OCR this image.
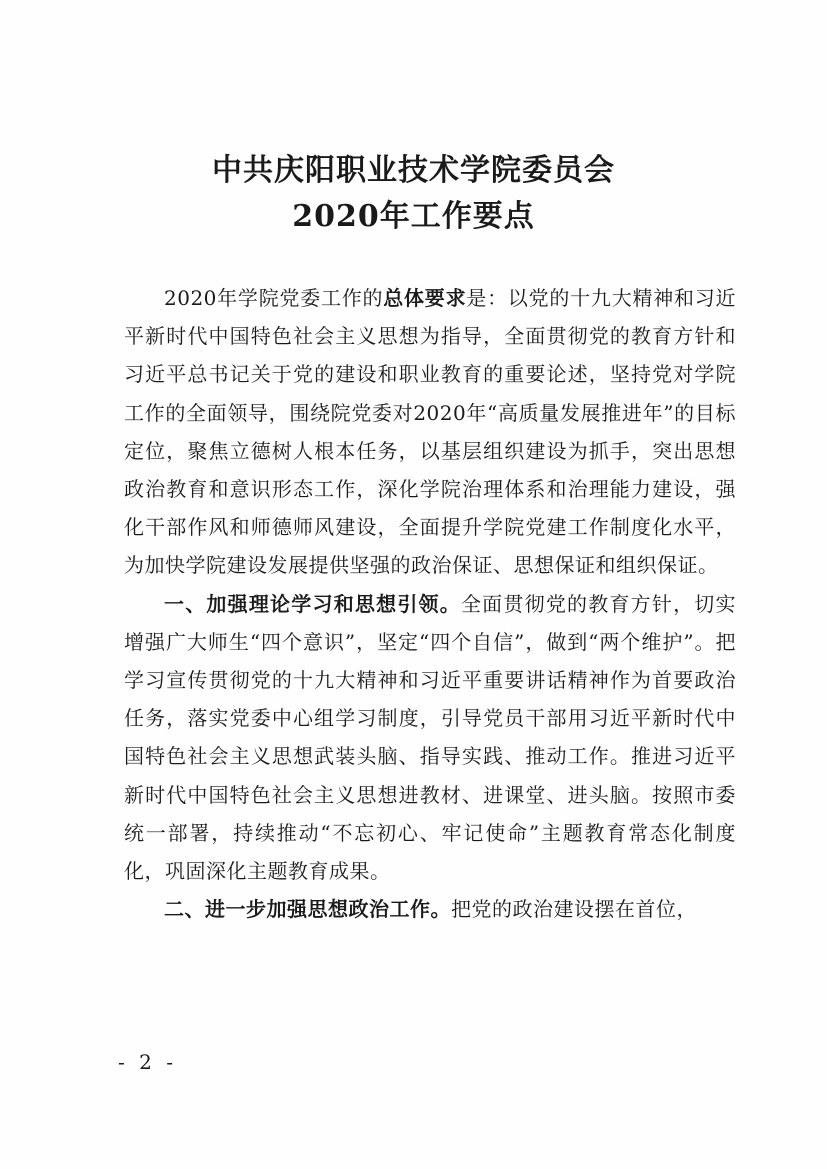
中共庆阳职业技术学院委员会
2020年工作要点

2020年学院党委工作的总体要求是：以党的十九大精神和习近平新时代中国特色社会主义思想为指导，全面贯彻党的教育方针和习近平总书记关于党的建设和职业教育的重要论述，坚持党对学院工作的全面领导，围绕院党委对2020年“高质量发展推进年”的目标定位，聚焦立德树人根本任务，以基层组织建设为抓手，突出思想政治教育和意识形态工作，深化学院治理体系和治理能力建设，强化干部作风和师德师风建设，全面提升学院党建工作制度化水平，为加快学院建设发展提供坚强的政治保证、思想保证和组织保证。

一、加强理论学习和思想引领。全面贯彻党的教育方针，切实增强广大师生“四个意识”，坚定“四个自信”，做到“两个维护”。把学习宣传贯彻党的十九大精神和习近平重要讲话精神作为首要政治任务，落实党委中心组学习制度，引导党员干部用习近平新时代中国特色社会主义思想武装头脑、指导实践、推动工作。推进习近平新时代中国特色社会主义思想进教材、进课堂、进头脑。按照市委统一部署，持续推动“不忘初心、牢记使命”主题教育常态化制度化，巩固深化主题教育成果。

二、进一步加强思想政治工作。把党的政治建设摆在首位，

- 2 -
